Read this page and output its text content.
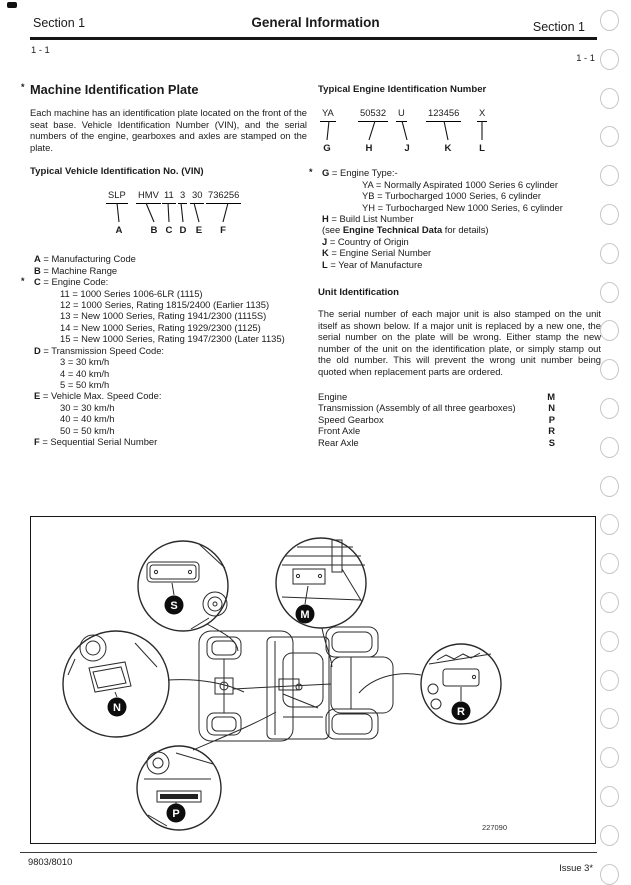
Section 1	General Information	Section 1
1 - 1
1 - 1
* Machine Identification Plate

Each machine has an identification plate located on the front of the seat base. Vehicle Identification Number (VIN), and the serial numbers of the engine, gearboxes and axles are stamped on the plate.

Typical Vehicle Identification No. (VIN)
SLP HMV 11 3 30 736256
A	B C D E	F
A = Manufacturing Code
B = Machine Range
* C = Engine Code:
11 = 1000 Series 1006-6LR (1115)
12 = 1000 Series, Rating 1815/2400 (Earlier 1135)
13 = New 1000 Series, Rating 1941/2300 (1115S)
14 = New 1000 Series, Rating 1929/2300 (1125)
15 = New 1000 Series, Rating 1947/2300 (Later 1135)
D = Transmission Speed Code:
3 = 30 km/h
4 = 40 km/h
5 = 50 km/h
E = Vehicle Max. Speed Code:
30 = 30 km/h
40 = 40 km/h
50 = 50 km/h
F = Sequential Serial Number
Typical Engine Identification Number
YA	50532 U 123456 X
G	H	J	K	L
* G = Engine Type:-
YA = Normally Aspirated 1000 Series 6 cylinder
YB = Turbocharged 1000 Series, 6 cylinder
YH = Turbocharged New 1000 Series, 6 cylinder
H = Build List Number
(see Engine Technical Data for details)
J = Country of Origin
K = Engine Serial Number
L = Year of Manufacture
Unit Identification

The serial number of each major unit is also stamped on the unit itself as shown below. If a major unit is replaced by a new one, the serial number on the plate will be wrong. Either stamp the new number of the unit on the identification plate, or simply stamp out the old number. This will prevent the wrong unit number being quoted when replacement parts are ordered.

Engine	M
Transmission (Assembly of all three gearboxes)	N
Speed Gearbox	P
Front Axle	R
Rear Axle	S
S
M
N
P
R
227090
9803/8010
Issue 3*
